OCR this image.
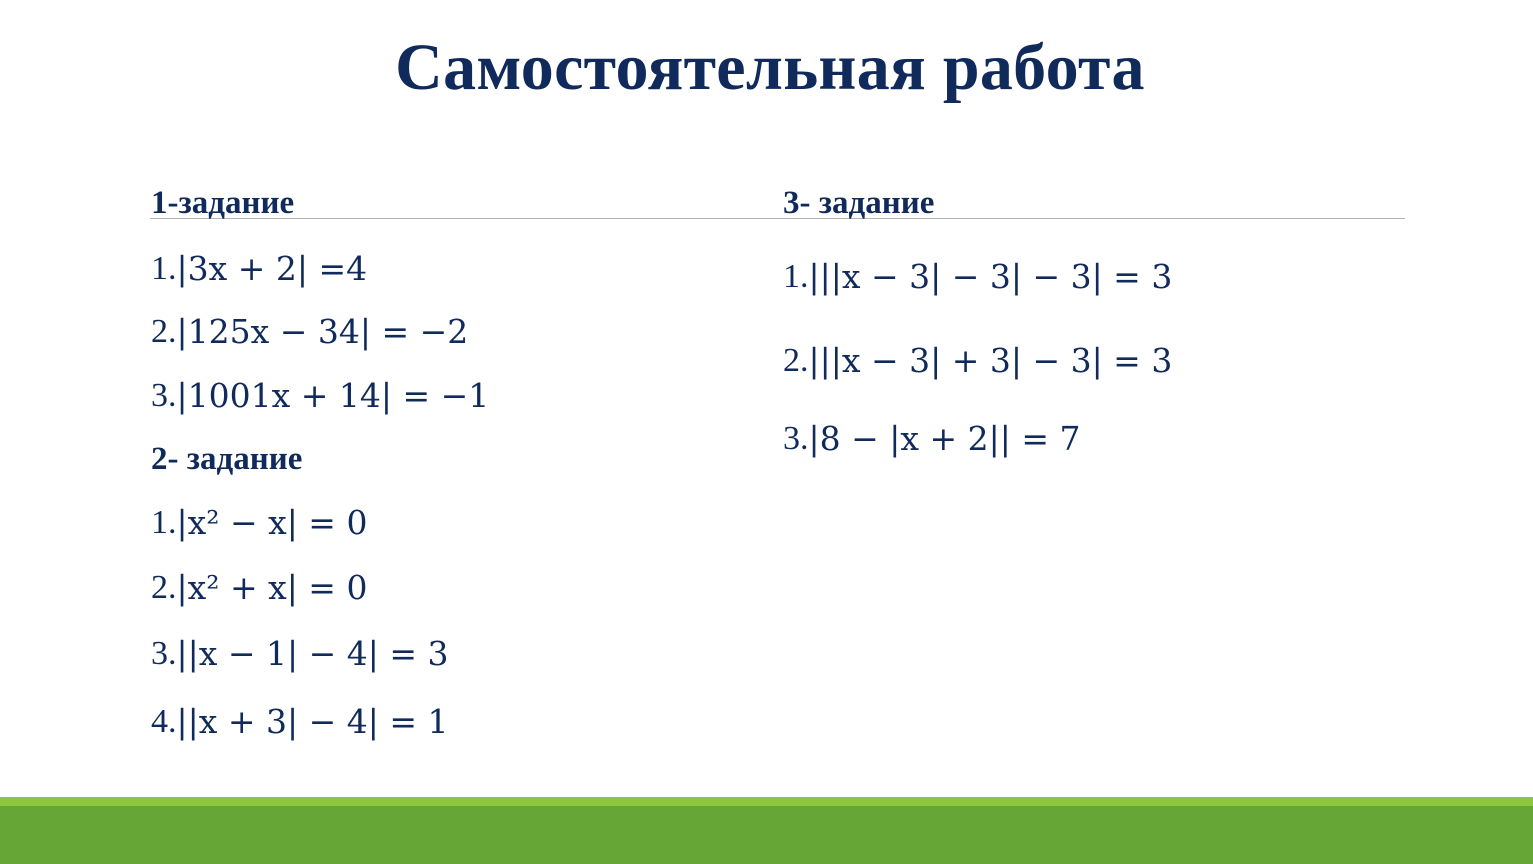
Самостоятельная работа
1-задание
1. |3x + 2| =4
2. |125x − 34| = −2
3. |1001x + 14| = −1
2- задание
1. |x² − x| = 0
2. |x² + x| = 0
3. ||x − 1| − 4| = 3
4. ||x + 3| − 4| = 1
3- задание
1. |||x − 3| − 3| − 3| = 3
2. |||x − 3| + 3| − 3| = 3
3. |8 − |x + 2|| = 7
